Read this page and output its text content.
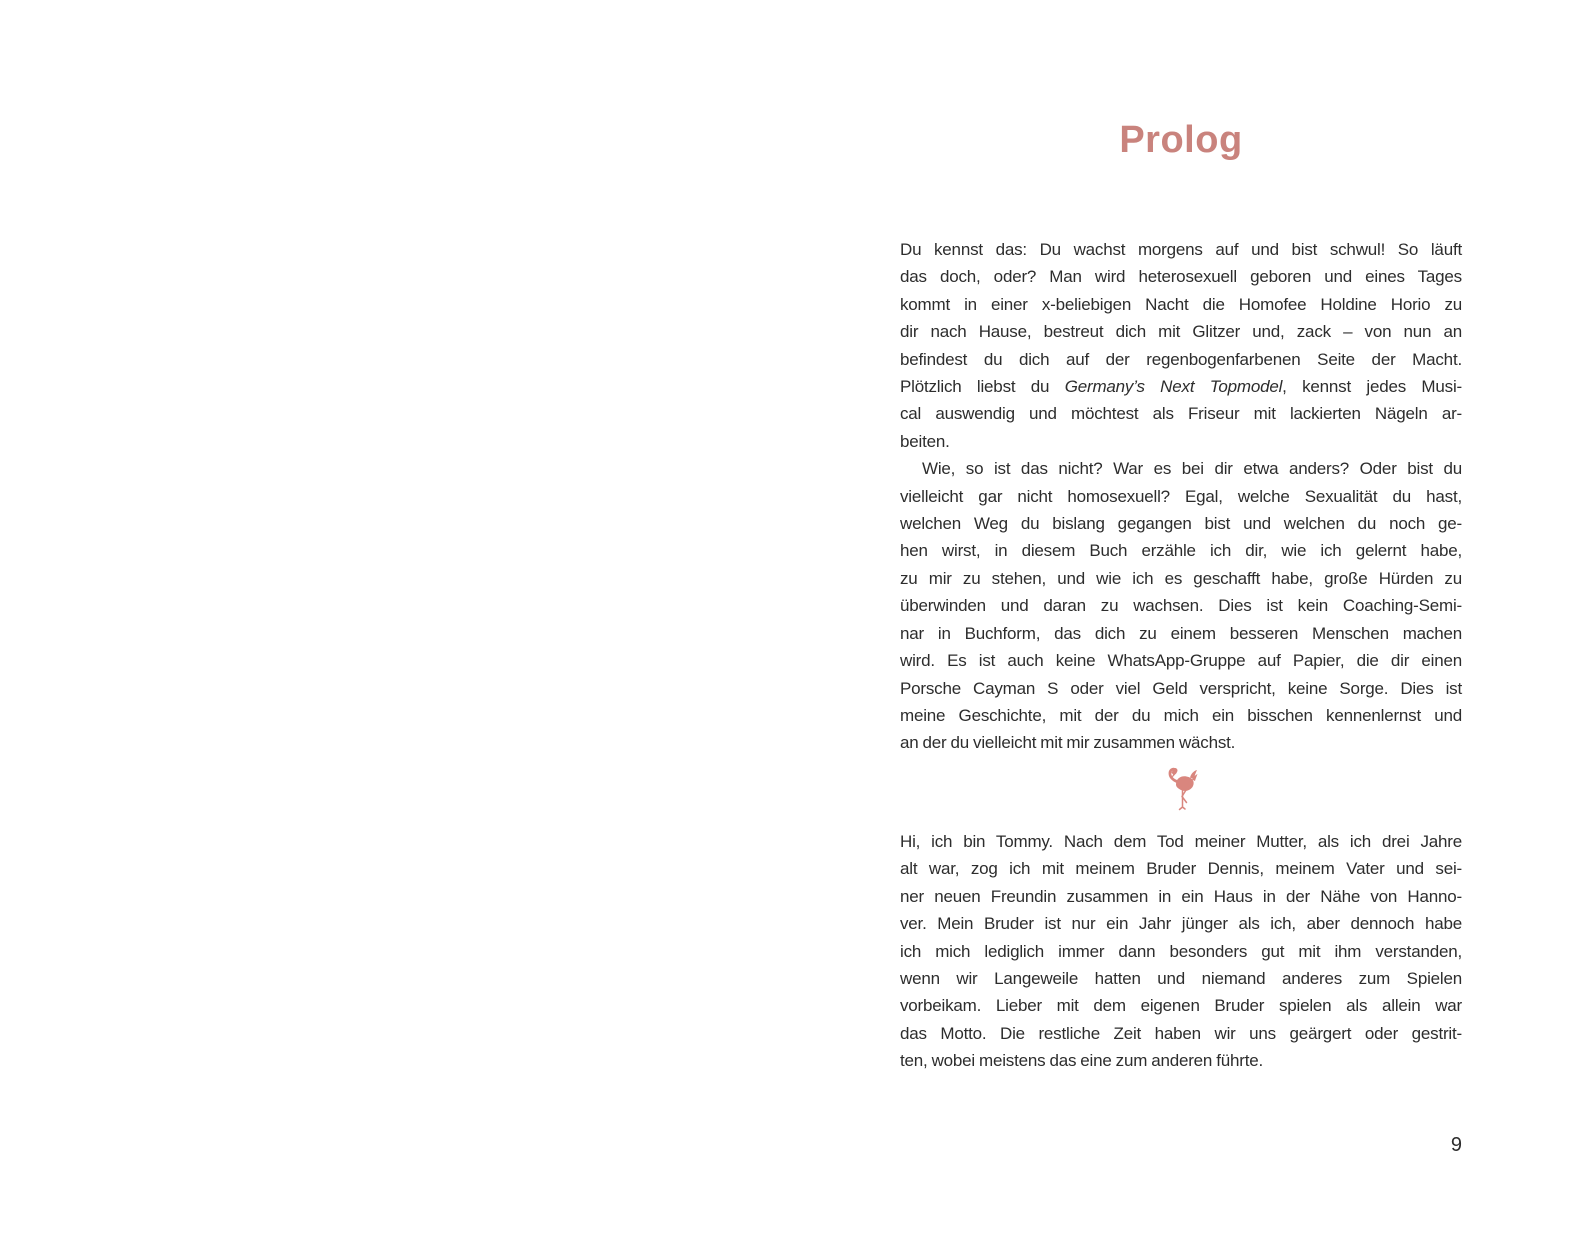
Prolog
Du kennst das: Du wachst morgens auf und bist schwul! So läuft
das doch, oder? Man wird heterosexuell geboren und eines Tages
kommt in einer x-beliebigen Nacht die Homofee Holdine Horio zu
dir nach Hause, bestreut dich mit Glitzer und, zack – von nun an
befindest du dich auf der regenbogenfarbenen Seite der Macht.
Plötzlich liebst du Germany’s Next Topmodel, kennst jedes Musi-
cal auswendig und möchtest als Friseur mit lackierten Nägeln ar-
beiten.
Wie, so ist das nicht? War es bei dir etwa anders? Oder bist du
vielleicht gar nicht homosexuell? Egal, welche Sexualität du hast,
welchen Weg du bislang gegangen bist und welchen du noch ge-
hen wirst, in diesem Buch erzähle ich dir, wie ich gelernt habe,
zu mir zu stehen, und wie ich es geschafft habe, große Hürden zu
überwinden und daran zu wachsen. Dies ist kein Coaching-Semi-
nar in Buchform, das dich zu einem besseren Menschen machen
wird. Es ist auch keine WhatsApp-Gruppe auf Papier, die dir einen
Porsche Cayman S oder viel Geld verspricht, keine Sorge. Dies ist
meine Geschichte, mit der du mich ein bisschen kennenlernst und
an der du vielleicht mit mir zusammen wächst.
Hi, ich bin Tommy. Nach dem Tod meiner Mutter, als ich drei Jahre
alt war, zog ich mit meinem Bruder Dennis, meinem Vater und sei-
ner neuen Freundin zusammen in ein Haus in der Nähe von Hanno-
ver. Mein Bruder ist nur ein Jahr jünger als ich, aber dennoch habe
ich mich lediglich immer dann besonders gut mit ihm verstanden,
wenn wir Langeweile hatten und niemand anderes zum Spielen
vorbeikam. Lieber mit dem eigenen Bruder spielen als allein war
das Motto. Die restliche Zeit haben wir uns geärgert oder gestrit-
ten, wobei meistens das eine zum anderen führte.
9
